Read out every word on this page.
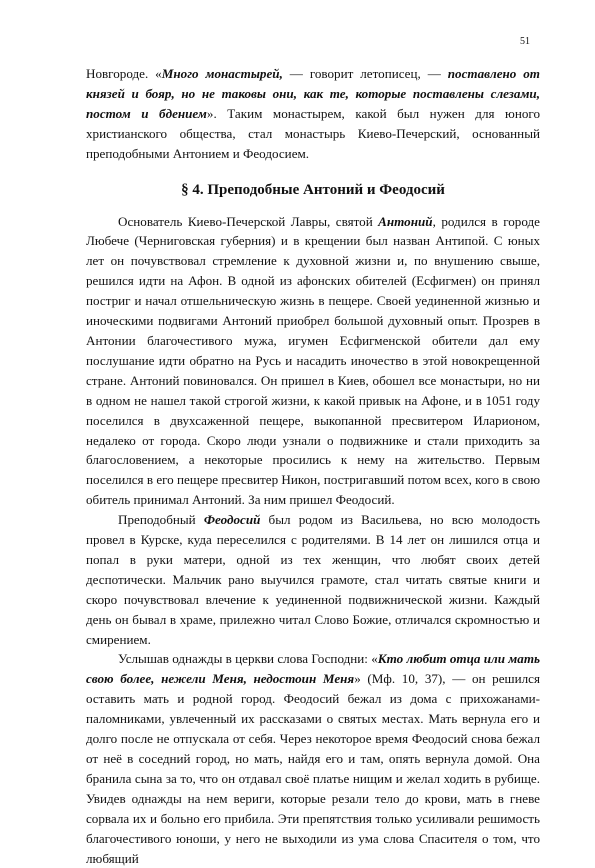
51

Новгороде. «Много монастырей, — говорит летописец, — поставлено от князей и бояр, но не таковы они, как те, которые поставлены слезами, постом и бдением». Таким монастырем, какой был нужен для юного христианского общества, стал монастырь Киево-Печерский, основанный преподобными Антонием и Феодосием.

§ 4. Преподобные Антоний и Феодосий

Основатель Киево-Печерской Лавры, святой Антоний, родился в городе Любече (Черниговская губерния) и в крещении был назван Антипой. С юных лет он почувствовал стремление к духовной жизни и, по внушению свыше, решился идти на Афон. В одной из афонских обителей (Есфигмен) он принял постриг и начал отшельническую жизнь в пещере. Своей уединенной жизнью и иноческими подвигами Антоний приобрел большой духовный опыт. Прозрев в Антонии благочестивого мужа, игумен Есфигменской обители дал ему послушание идти обратно на Русь и насадить иночество в этой новокрещенной стране. Антоний повиновался. Он пришел в Киев, обошел все монастыри, но ни в одном не нашел такой строгой жизни, к какой привык на Афоне, и в 1051 году поселился в двухсаженной пещере, выкопанной пресвитером Иларионом, недалеко от города. Скоро люди узнали о подвижнике и стали приходить за благословением, а некоторые просились к нему на жительство. Первым поселился в его пещере пресвитер Никон, постригавший потом всех, кого в свою обитель принимал Антоний. За ним пришел Феодосий.

Преподобный Феодосий был родом из Васильева, но всю молодость провел в Курске, куда переселился с родителями. В 14 лет он лишился отца и попал в руки матери, одной из тех женщин, что любят своих детей деспотически. Мальчик рано выучился грамоте, стал читать святые книги и скоро почувствовал влечение к уединенной подвижнической жизни. Каждый день он бывал в храме, прилежно читал Слово Божие, отличался скромностью и смирением.

Услышав однажды в церкви слова Господни: «Кто любит отца или мать свою более, нежели Меня, недостоин Меня» (Мф. 10, 37), — он решился оставить мать и родной город. Феодосий бежал из дома с прихожанами-паломниками, увлеченный их рассказами о святых местах. Мать вернула его и долго после не отпускала от себя. Через некоторое время Феодосий снова бежал от неё в соседний город, но мать, найдя его и там, опять вернула домой. Она бранила сына за то, что он отдавал своё платье нищим и желал ходить в рубище. Увидев однажды на нем вериги, которые резали тело до крови, мать в гневе сорвала их и больно его прибила. Эти препятствия только усиливали решимость благочестивого юноши, у него не выходили из ума слова Спасителя о том, что любящий
